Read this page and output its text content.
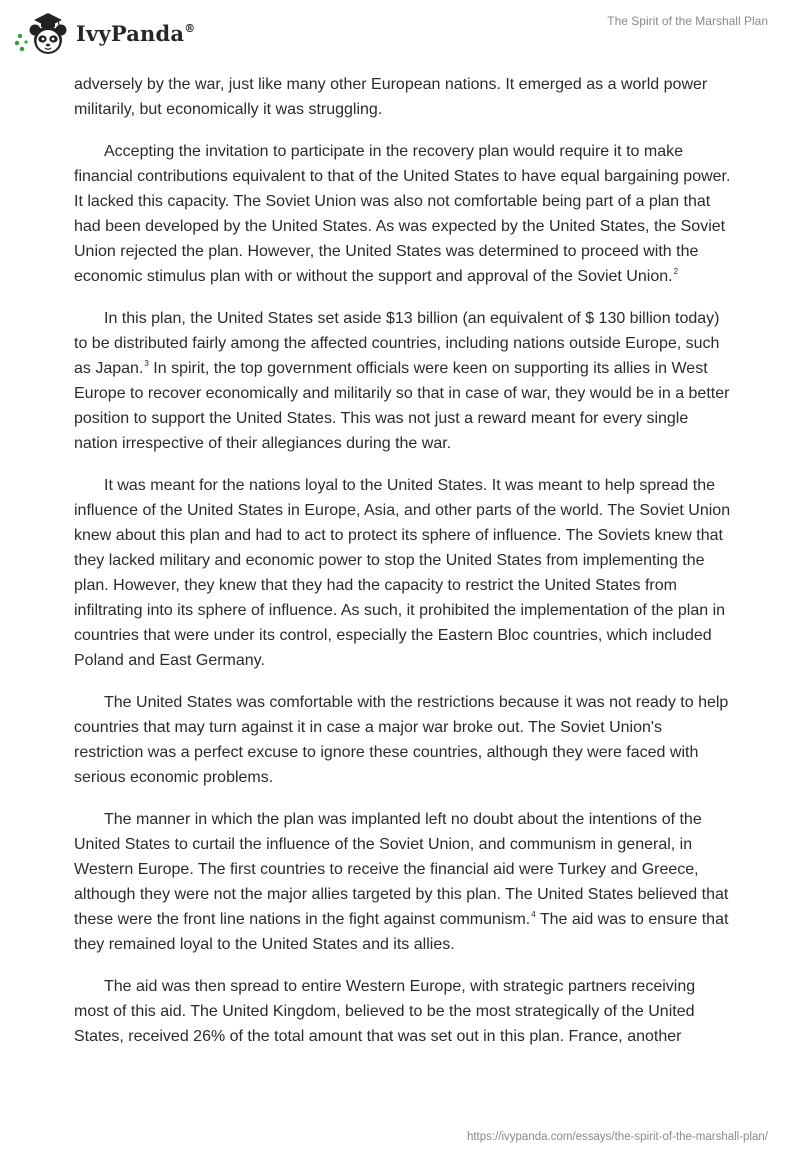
IvyPanda®	The Spirit of the Marshall Plan

adversely by the war, just like many other European nations. It emerged as a world power militarily, but economically it was struggling.

Accepting the invitation to participate in the recovery plan would require it to make financial contributions equivalent to that of the United States to have equal bargaining power. It lacked this capacity. The Soviet Union was also not comfortable being part of a plan that had been developed by the United States. As was expected by the United States, the Soviet Union rejected the plan. However, the United States was determined to proceed with the economic stimulus plan with or without the support and approval of the Soviet Union.$^2$

In this plan, the United States set aside $13 billion (an equivalent of $ 130 billion today) to be distributed fairly among the affected countries, including nations outside Europe, such as Japan.$^3$ In spirit, the top government officials were keen on supporting its allies in West Europe to recover economically and militarily so that in case of war, they would be in a better position to support the United States. This was not just a reward meant for every single nation irrespective of their allegiances during the war.

It was meant for the nations loyal to the United States. It was meant to help spread the influence of the United States in Europe, Asia, and other parts of the world. The Soviet Union knew about this plan and had to act to protect its sphere of influence. The Soviets knew that they lacked military and economic power to stop the United States from implementing the plan. However, they knew that they had the capacity to restrict the United States from infiltrating into its sphere of influence. As such, it prohibited the implementation of the plan in countries that were under its control, especially the Eastern Bloc countries, which included Poland and East Germany.

The United States was comfortable with the restrictions because it was not ready to help countries that may turn against it in case a major war broke out. The Soviet Union's restriction was a perfect excuse to ignore these countries, although they were faced with serious economic problems.

The manner in which the plan was implanted left no doubt about the intentions of the United States to curtail the influence of the Soviet Union, and communism in general, in Western Europe. The first countries to receive the financial aid were Turkey and Greece, although they were not the major allies targeted by this plan. The United States believed that these were the front line nations in the fight against communism.$^4$ The aid was to ensure that they remained loyal to the United States and its allies.

The aid was then spread to entire Western Europe, with strategic partners receiving most of this aid. The United Kingdom, believed to be the most strategically of the United States, received 26% of the total amount that was set out in this plan. France, another

https://ivypanda.com/essays/the-spirit-of-the-marshall-plan/
